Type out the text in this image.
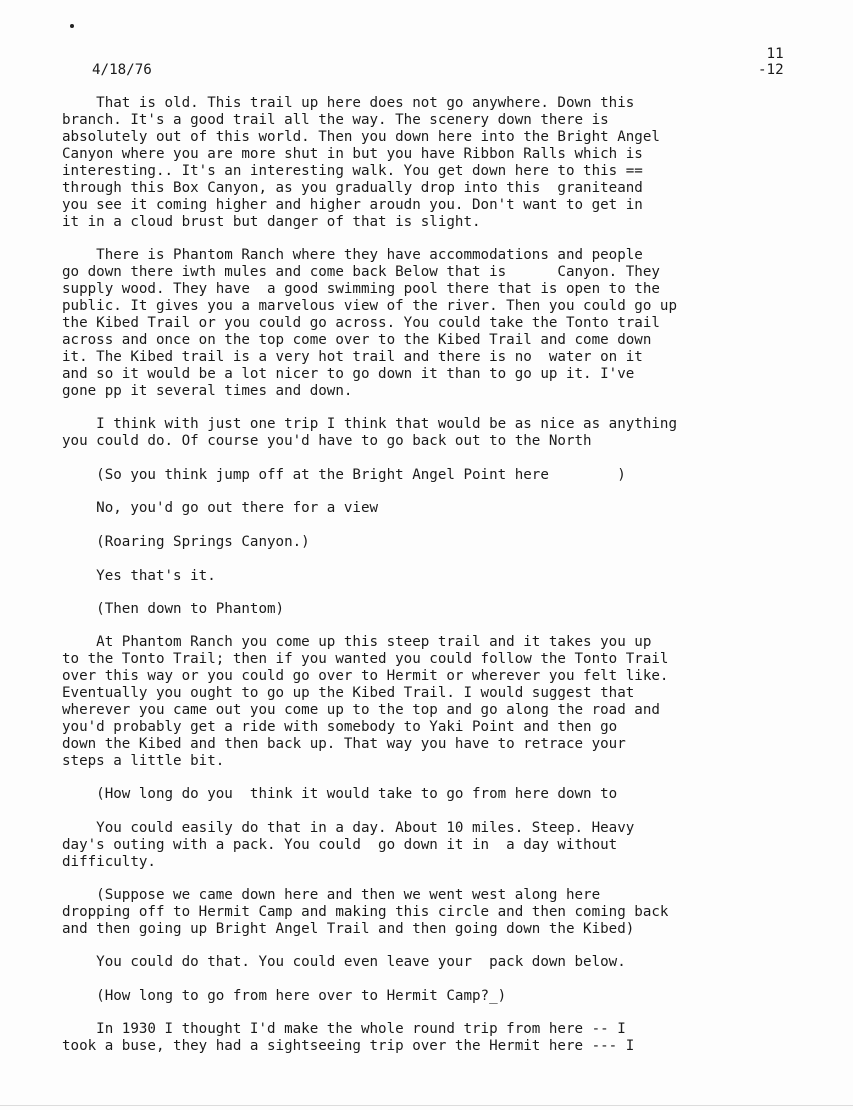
4/18/76

11
-12

That is old. This trail up here does not go anywhere. Down this

branch. It's a good trail all the way. The scenery down there is

absolutely out of this world. Then you down here into the Bright Angel

Canyon where you are more shut in but you have Ribbon Ralls which is

interesting.. It's an interesting walk. You get down here to this ==

through this Box Canyon, as you gradually drop into this  graniteand

you see it coming higher and higher aroudn you. Don't want to get in

it in a cloud brust but danger of that is slight.

There is Phantom Ranch where they have accommodations and people

go down there iwth mules and come back Below that is      Canyon. They

supply wood. They have  a good swimming pool there that is open to the

public. It gives you a marvelous view of the river. Then you could go up

the Kibed Trail or you could go across. You could take the Tonto trail

across and once on the top come over to the Kibed Trail and come down

it. The Kibed trail is a very hot trail and there is no  water on it

and so it would be a lot nicer to go down it than to go up it. I've

gone pp it several times and down.

I think with just one trip I think that would be as nice as anything

you could do. Of course you'd have to go back out to the North

(So you think jump off at the Bright Angel Point here        )

No, you'd go out there for a view

(Roaring Springs Canyon.)

Yes that's it.

(Then down to Phantom)

At Phantom Ranch you come up this steep trail and it takes you up

to the Tonto Trail; then if you wanted you could follow the Tonto Trail

over this way or you could go over to Hermit or wherever you felt like.

Eventually you ought to go up the Kibed Trail. I would suggest that

wherever you came out you come up to the top and go along the road and

you'd probably get a ride with somebody to Yaki Point and then go

down the Kibed and then back up. That way you have to retrace your

steps a little bit.

(How long do you  think it would take to go from here down to

You could easily do that in a day. About 10 miles. Steep. Heavy

day's outing with a pack. You could  go down it in  a day without

difficulty.

(Suppose we came down here and then we went west along here

dropping off to Hermit Camp and making this circle and then coming back

and then going up Bright Angel Trail and then going down the Kibed)

You could do that. You could even leave your  pack down below.

(How long to go from here over to Hermit Camp?_)

In 1930 I thought I'd make the whole round trip from here -- I

took a buse, they had a sightseeing trip over the Hermit here --- I
